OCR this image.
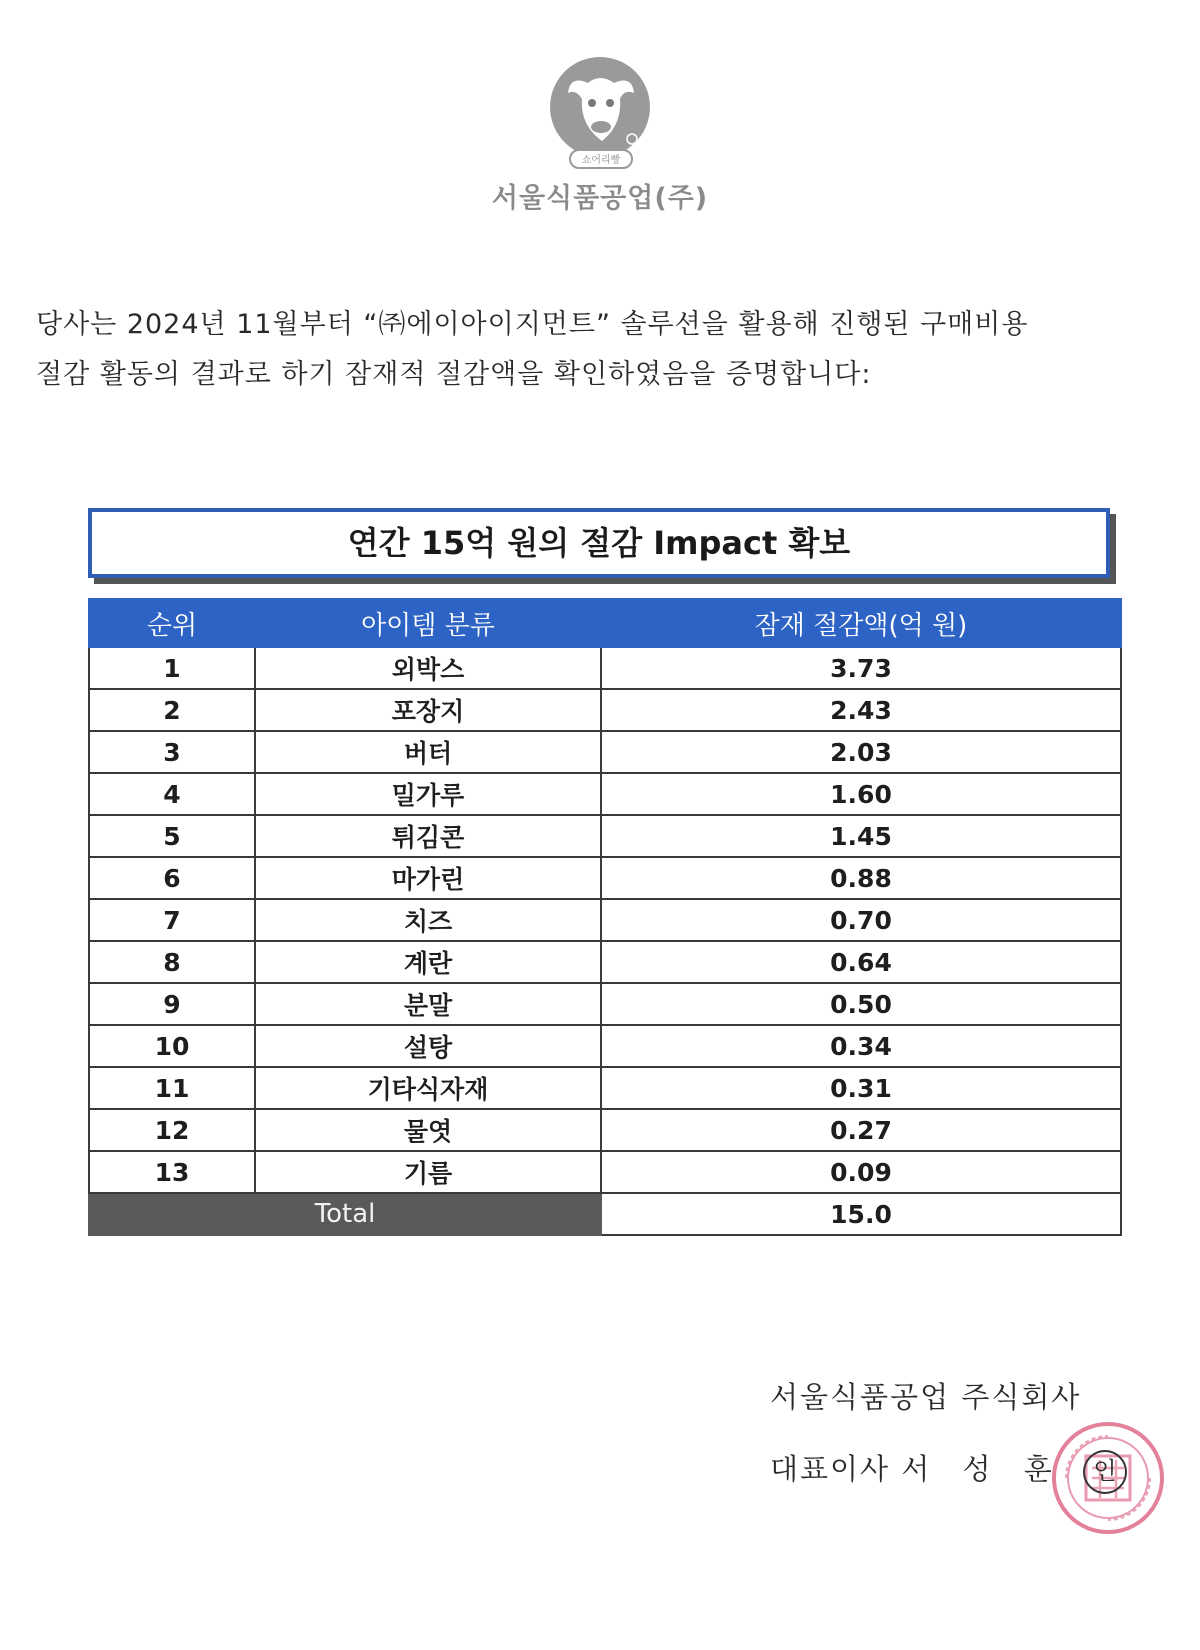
쇼어리빵
서울식품공업(주)
당사는 2024년 11월부터 “㈜에이아이지먼트” 솔루션을 활용해 진행된 구매비용
절감 활동의 결과로 하기 잠재적 절감액을 확인하였음을 증명합니다:
연간 15억 원의 절감 Impact 확보
순위	아이템 분류	잠재 절감액(억 원)
1	외박스	3.73
2	포장지	2.43
3	버터	2.03
4	밀가루	1.60
5	튀김콘	1.45
6	마가린	0.88
7	치즈	0.70
8	계란	0.64
9	분말	0.50
10	설탕	0.34
11	기타식자재	0.31
12	물엿	0.27
13	기름	0.09
Total		15.0
서울식품공업 주식회사
대표이사 서 성 훈 인
